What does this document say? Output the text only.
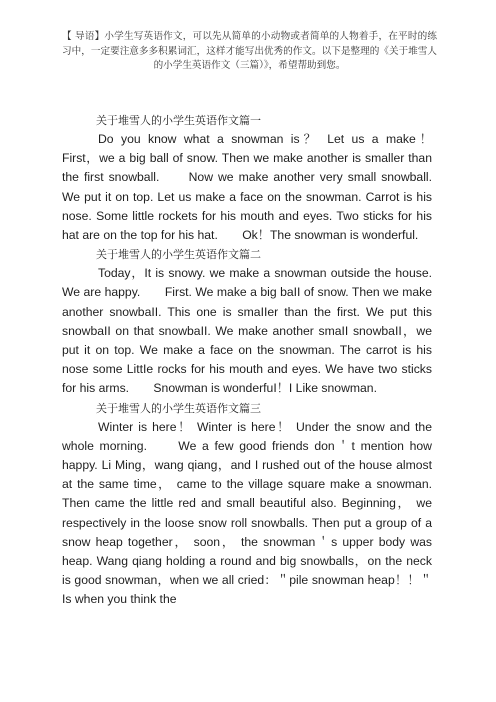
【 导语】小学生写英语作文，可以先从简单的小动物或者简单的人物着手，在平时的练习中，一定要注意多多积累词汇，这样才能写出优秀的作文。以下是整理的《关于堆雪人的小学生英语作文（三篇）》，希望帮助到您。
关于堆雪人的小学生英语作文篇一
Do you know what a snowman is？ Let us a make！　　First，we a big ball of snow. Then we make another is smaller than the first snowball.　　Now we make another very small snowball. We put it on top. Let us make a face on the snowman. Carrot is his nose. Some little rockets for his mouth and eyes. Two sticks for his hat are on the top for his hat.　　Ok！The snowman is wonderful.
关于堆雪人的小学生英语作文篇二
Today，It is snowy. we make a snowman outside the house. We are happy.　　First. We make a big baII of snow. Then we make another snowbaII. This one is smaIIer than the first. We put this snowbaII on that snowbaII. We make another smaII snowbaII，we put it on top. We make a face on the snowman. The carrot is his nose some LittIe rocks for his mouth and eyes. We have two sticks for his arms.　　Snowman is wonderfuI！I Like snowman.
关于堆雪人的小学生英语作文篇三
Winter is here！ Winter is here！ Under the snow and the whole morning.　　We a few good friends don＇t mention how happy. Li Ming，wang qiang，and I rushed out of the house almost at the same time， came to the village square make a snowman. Then came the little red and small beautiful also. Beginning， we respectively in the loose snow roll snowballs. Then put a group of a snow heap together， soon， the snowman＇s upper body was heap. Wang qiang holding a round and big snowballs，on the neck is good snowman，when we all cried：＂pile snowman heap！！＂ Is when you think the
